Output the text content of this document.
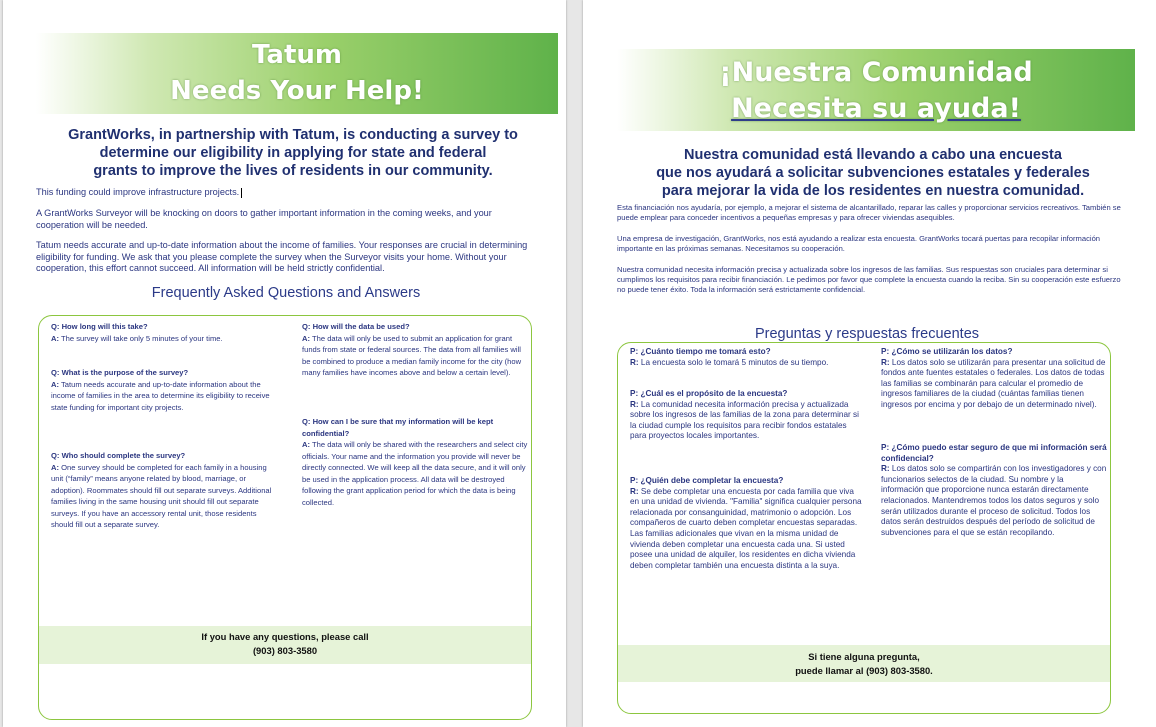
Tatum
Needs Your Help!
GrantWorks, in partnership with Tatum, is conducting a survey to
determine our eligibility in applying for state and federal
grants to improve the lives of residents in our community.
This funding could improve infrastructure projects.
A GrantWorks Surveyor will be knocking on doors to gather important information in the coming weeks, and your cooperation will be needed.
Tatum needs accurate and up-to-date information about the income of families. Your responses are crucial in determining eligibility for funding. We ask that you please complete the survey when the Surveyor visits your home. Without your cooperation, this effort cannot succeed. All information will be held strictly confidential.
Frequently Asked Questions and Answers
Q: How long will this take?
A: The survey will take only 5 minutes of your time.
Q: What is the purpose of the survey?
A: Tatum needs accurate and up-to-date information about the income of families in the area to determine its eligibility to receive state funding for important city projects.
Q: Who should complete the survey?
A: One survey should be completed for each family in a housing unit (“family” means anyone related by blood, marriage, or adoption). Roommates should fill out separate surveys. Additional families living in the same housing unit should fill out separate surveys. If you have an accessory rental unit, those residents should fill out a separate survey.
Q: How will the data be used?
A: The data will only be used to submit an application for grant funds from state or federal sources. The data from all families will be combined to produce a median family income for the city (how many families have incomes above and below a certain level).
Q: How can I be sure that my information will be kept confidential?
A: The data will only be shared with the researchers and select city officials. Your name and the information you provide will never be directly connected. We will keep all the data secure, and it will only be used in the application process. All data will be destroyed following the grant application period for which the data is being collected.
If you have any questions, please call
(903) 803-3580
¡Nuestra Comunidad
Necesita su ayuda!
Nuestra comunidad está llevando a cabo una encuesta
que nos ayudará a solicitar subvenciones estatales y federales
para mejorar la vida de los residentes en nuestra comunidad.
Esta financiación nos ayudaría, por ejemplo, a mejorar el sistema de alcantarillado, reparar las calles y proporcionar servicios recreativos. También se puede emplear para conceder incentivos a pequeñas empresas y para ofrecer viviendas asequibles.
Una empresa de investigación, GrantWorks, nos está ayudando a realizar esta encuesta. GrantWorks tocará puertas para recopilar información importante en las próximas semanas. Necesitamos su cooperación.
Nuestra comunidad necesita información precisa y actualizada sobre los ingresos de las familias. Sus respuestas son cruciales para determinar si cumplimos los requisitos para recibir financiación. Le pedimos por favor que complete la encuesta cuando la reciba. Sin su cooperación este esfuerzo no puede tener éxito. Toda la información será estrictamente confidencial.
Preguntas y respuestas frecuentes
P: ¿Cuánto tiempo me tomará esto?
R: La encuesta solo le tomará 5 minutos de su tiempo.
P: ¿Cuál es el propósito de la encuesta?
R: La comunidad necesita información precisa y actualizada sobre los ingresos de las familias de la zona para determinar si la ciudad cumple los requisitos para recibir fondos estatales para proyectos locales importantes.
P: ¿Quién debe completar la encuesta?
R: Se debe completar una encuesta por cada familia que viva en una unidad de vivienda. "Familia" significa cualquier persona relacionada por consanguinidad, matrimonio o adopción. Los compañeros de cuarto deben completar encuestas separadas. Las familias adicionales que vivan en la misma unidad de vivienda deben completar una encuesta cada una. Si usted posee una unidad de alquiler, los residentes en dicha vivienda deben completar también una encuesta distinta a la suya.
P: ¿Cómo se utilizarán los datos?
R: Los datos solo se utilizarán para presentar una solicitud de fondos ante fuentes estatales o federales. Los datos de todas las familias se combinarán para calcular el promedio de ingresos familiares de la ciudad (cuántas familias tienen ingresos por encima y por debajo de un determinado nivel).
P: ¿Cómo puedo estar seguro de que mi información será confidencial?
R: Los datos solo se compartirán con los investigadores y con funcionarios selectos de la ciudad. Su nombre y la información que proporcione nunca estarán directamente relacionados. Mantendremos todos los datos seguros y solo serán utilizados durante el proceso de solicitud. Todos los datos serán destruidos después del período de solicitud de subvenciones para el que se están recopilando.
Si tiene alguna pregunta,
puede llamar al (903) 803-3580.
